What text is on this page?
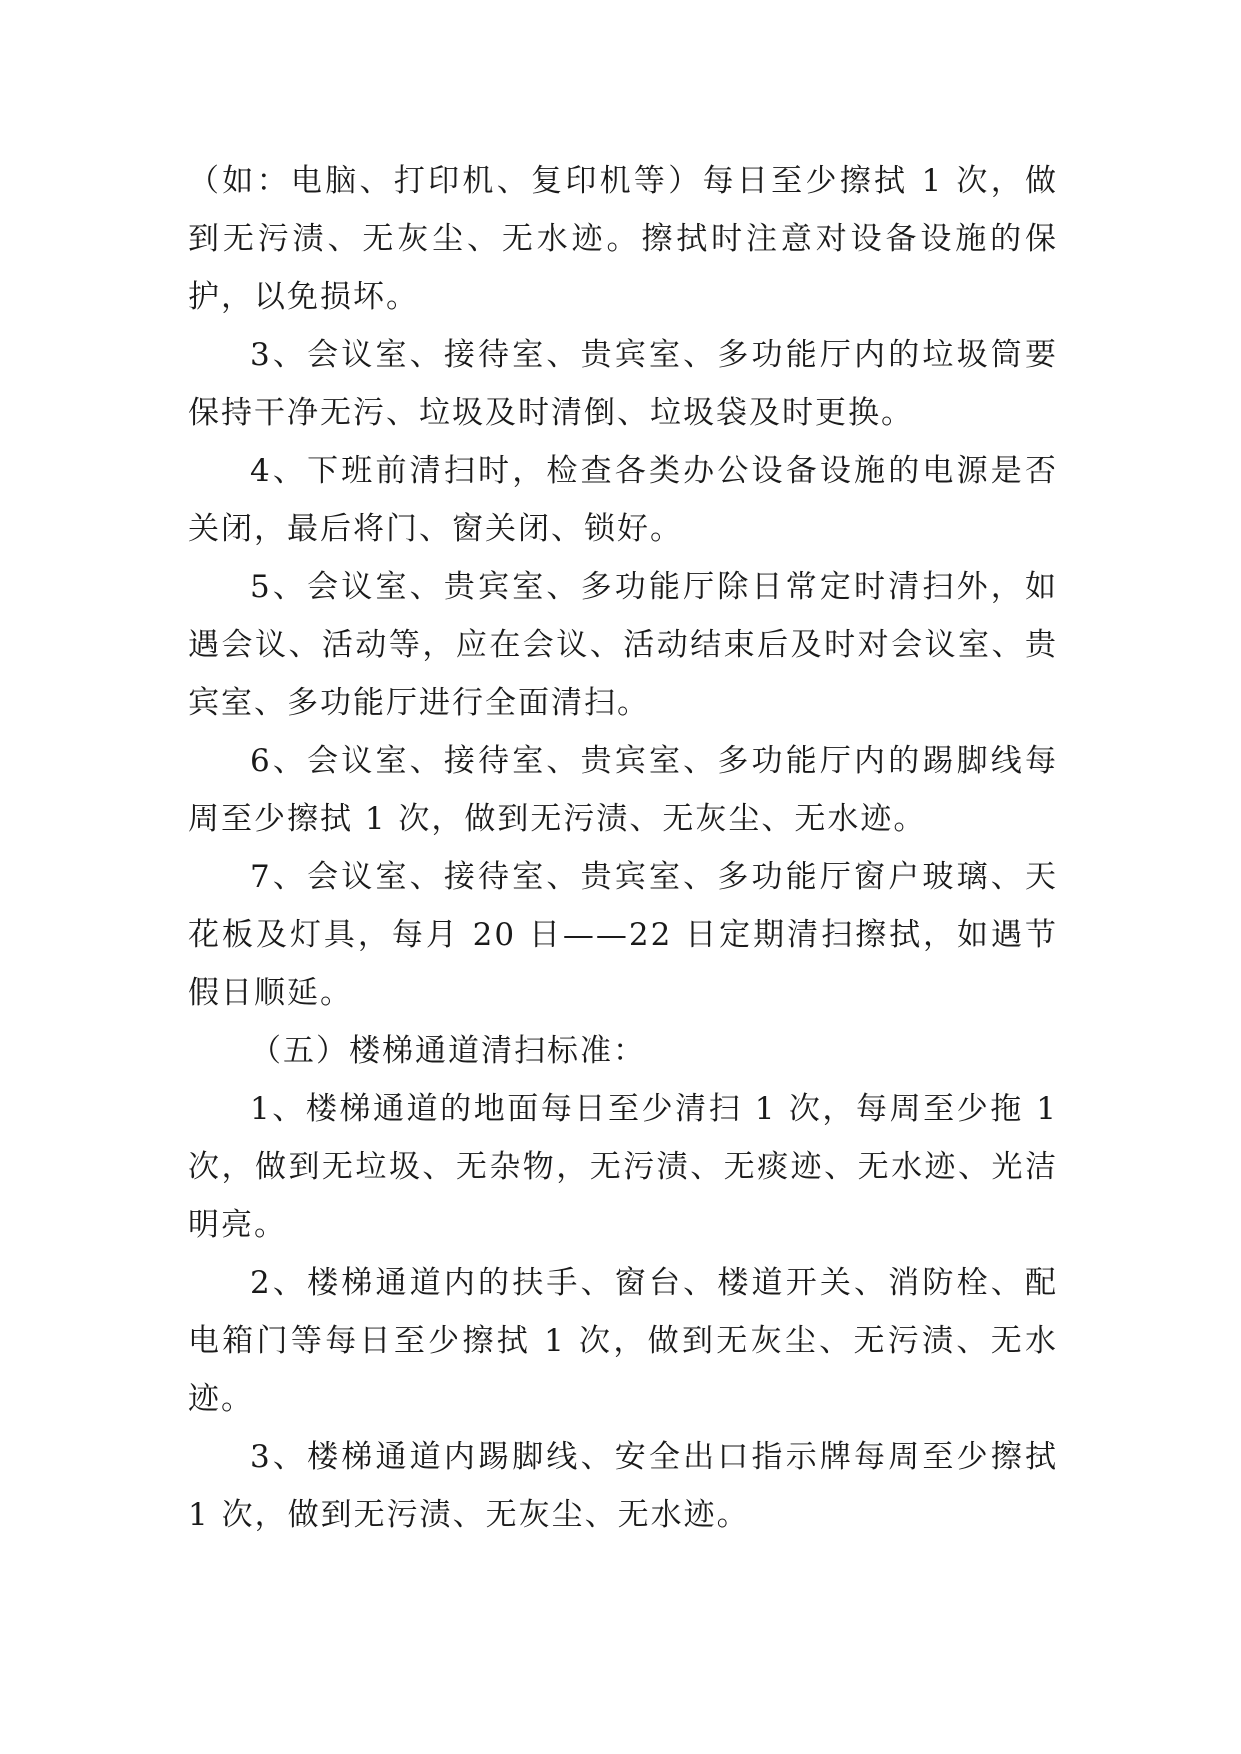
（如：电脑、打印机、复印机等）每日至少擦拭 1 次，做到无污渍、无灰尘、无水迹。擦拭时注意对设备设施的保护，以免损坏。

3、会议室、接待室、贵宾室、多功能厅内的垃圾筒要保持干净无污、垃圾及时清倒、垃圾袋及时更换。

4、下班前清扫时，检查各类办公设备设施的电源是否关闭，最后将门、窗关闭、锁好。

5、会议室、贵宾室、多功能厅除日常定时清扫外，如遇会议、活动等，应在会议、活动结束后及时对会议室、贵宾室、多功能厅进行全面清扫。

6、会议室、接待室、贵宾室、多功能厅内的踢脚线每周至少擦拭 1 次，做到无污渍、无灰尘、无水迹。

7、会议室、接待室、贵宾室、多功能厅窗户玻璃、天花板及灯具，每月 20 日——22 日定期清扫擦拭，如遇节假日顺延。

（五）楼梯通道清扫标准：

1、楼梯通道的地面每日至少清扫 1 次，每周至少拖 1 次，做到无垃圾、无杂物，无污渍、无痰迹、无水迹、光洁明亮。

2、楼梯通道内的扶手、窗台、楼道开关、消防栓、配电箱门等每日至少擦拭 1 次，做到无灰尘、无污渍、无水迹。

3、楼梯通道内踢脚线、安全出口指示牌每周至少擦拭 1 次，做到无污渍、无灰尘、无水迹。
